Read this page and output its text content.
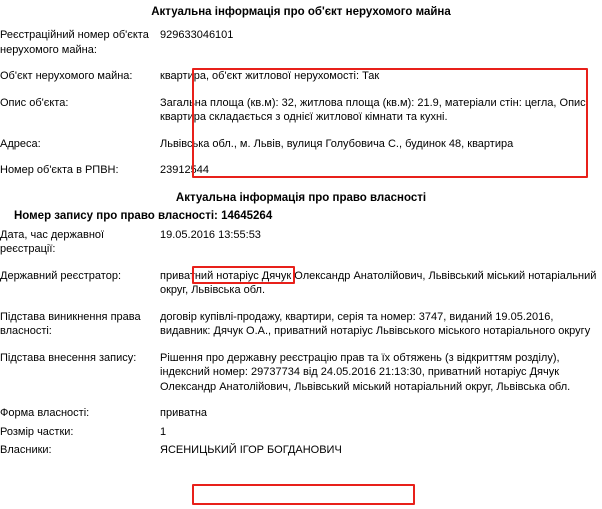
Актуальна інформація про об'єкт нерухомого майна
Реєстраційний номер об'єкта нерухомого майна:	929633046101

Об'єкт нерухомого майна:	квартира, об'єкт житлової нерухомості: Так

Опис об'єкта:	Загальна площа (кв.м): 32, житлова площа (кв.м): 21.9, матеріали стін: цегла, Опис: квартира складається з однієї житлової кімнати та кухні.

Адреса:	Львівська обл., м. Львів, вулиця Голубовича С., будинок 48, квартира

Номер об'єкта в РПВН:	23912544
Актуальна інформація про право власності
Номер запису про право власності: 14645264
Дата, час державної реєстрації:	19.05.2016 13:55:53

Державний реєстратор:	приватний нотаріус Дячук Олександр Анатолійович, Львівський міський нотаріальний округ, Львівська обл.

Підстава виникнення права власності:	договір купівлі-продажу, квартири, серія та номер: 3747, виданий 19.05.2016, видавник: Дячук О.А., приватний нотаріус Львівського міського нотаріального округу

Підстава внесення запису:	Рішення про державну реєстрацію прав та їх обтяжень (з відкриттям розділу), індексний номер: 29737734 від 24.05.2016 21:13:30, приватний нотаріус Дячук Олександр Анатолійович, Львівський міський нотаріальний округ, Львівська обл.

Форма власності:	приватна
Розмір частки:	1
Власники:	ЯСЕНИЦЬКИЙ ІГОР БОГДАНОВИЧ
